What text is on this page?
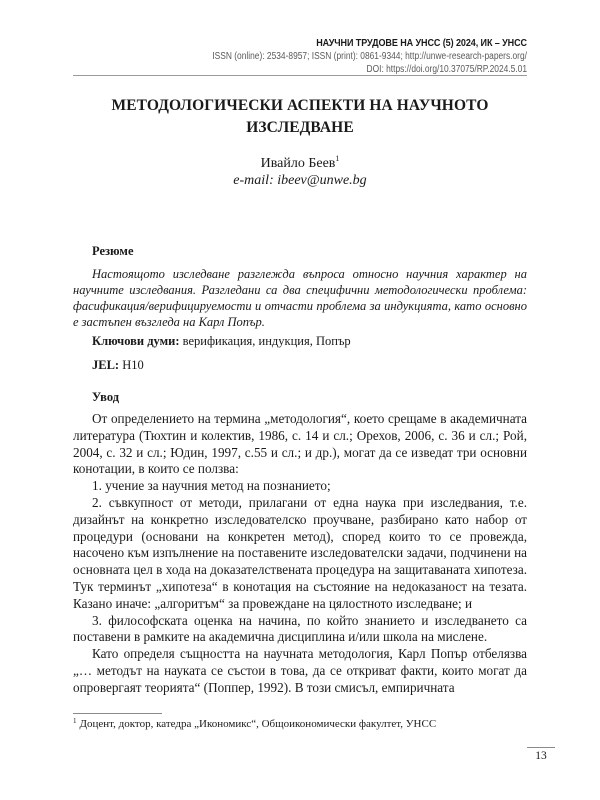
НАУЧНИ ТРУДОВЕ НА УНСС (5) 2024, ИК – УНСС
ISSN (online): 2534-8957; ISSN (print): 0861-9344; http://unwe-research-papers.org/
DOI: https://doi.org/10.37075/RP.2024.5.01
МЕТОДОЛОГИЧЕСКИ АСПЕКТИ НА НАУЧНОТО
ИЗСЛЕДВАНЕ
Ивайло Беев$^1$
e-mail: ibeev@unwe.bg
Резюме

Настоящото изследване разглежда въпроса относно научния характер на научните изследвания. Разгледани са два специфични методологически проблема: фасификация/верифицируемости и отчасти проблема за индукцията, като основно е застъпен възгледа на Карл Попър.

Ключови думи: верификация, индукция, Попър
JEL: H10
Увод

От определението на термина „методология“, което срещаме в академичната литература (Тюхтин и колектив, 1986, с. 14 и сл.; Орехов, 2006, с. 36 и сл.; Рой, 2004, с. 32 и сл.; Юдин, 1997, с.55 и сл.; и др.), могат да се изведат три основни конотации, в които се ползва:

1. учение за научния метод на познанието;

2. съвкупност от методи, прилагани от една наука при изследвания, т.е. дизайнът на конкретно изследователско проучване, разбирано като набор от процедури (основани на конкретен метод), според които то се провежда, насочено към изпълнение на поставените изследователски задачи, подчинени на основната цел в хода на доказателствената процедура на защитаваната хипотеза. Тук терминът „хипотеза“ в конотация на състояние на недоказаност на тезата. Казано иначе: „алгоритъм“ за провеждане на цялостното изследване; и

3. философската оценка на начина, по който знанието и изследването са поставени в рамките на академична дисциплина и/или школа на мислене.

Като определя същността на научната методология, Карл Попър отбелязва „… методът на науката се състои в това, да се откриват факти, които могат да опровергаят теорията“ (Поппер, 1992). В този смисъл, емпиричната

$^1$ Доцент, доктор, катедра „Икономикс“, Общоикономически факултет, УНСС
13
